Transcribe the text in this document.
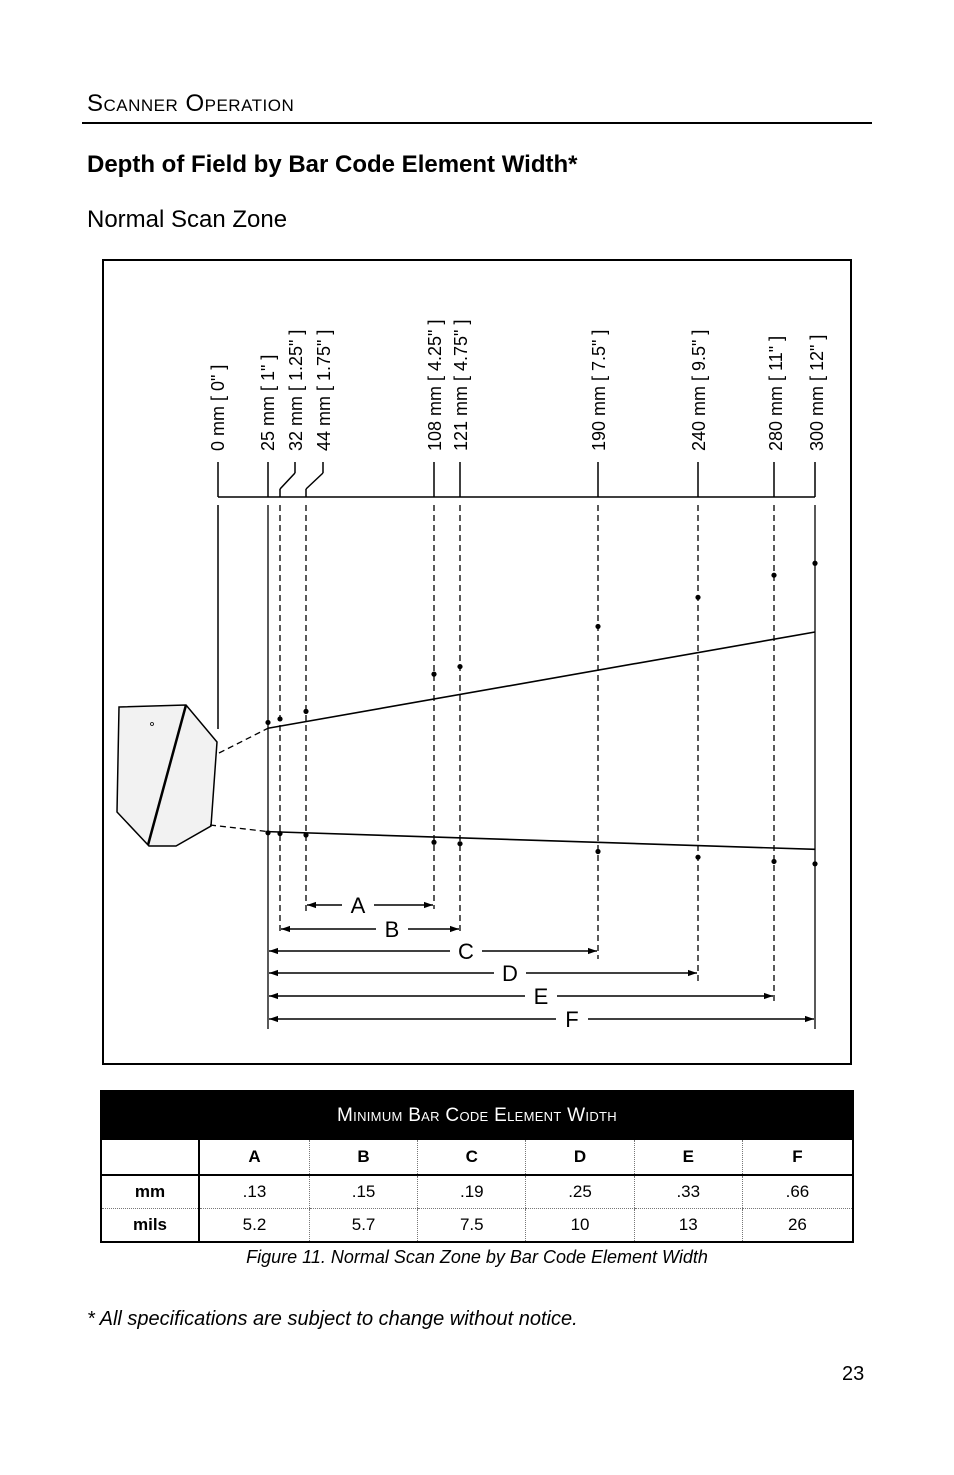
Scanner Operation
Depth of Field by Bar Code Element Width*
Normal Scan Zone
0 mm [ 0" ] 25 mm [ 1" ] 32 mm [ 1.25" ] 44 mm [ 1.75" ]	108 mm [ 4.25" ] 121 mm [ 4.75" ]	190 mm [ 7.5" ]	240 mm [ 9.5" ]	280 mm [ 11" ] 300 mm [ 12" ]
A
B
C
D
E
F
Minimum Bar Code Element Width						
	A	B	C	D	E	F
mm	.13	.15	.19	.25	.33	.66
mils	5.2	5.7	7.5	10	13	26
Figure 11. Normal Scan Zone by Bar Code Element Width
* All specifications are subject to change without notice.
23
